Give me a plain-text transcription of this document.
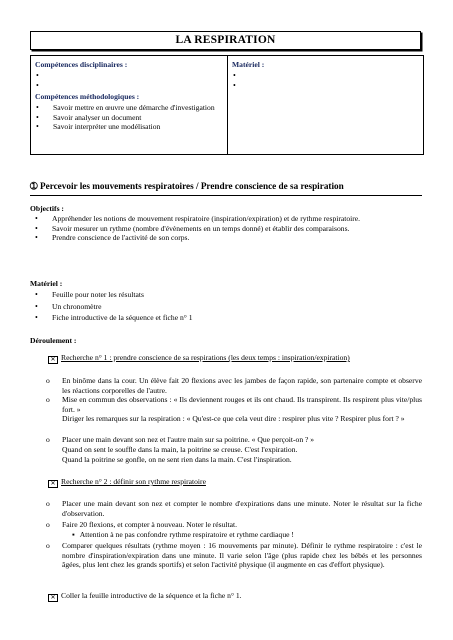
LA RESPIRATION
Compétences disciplinaires :
•

•

Compétences méthodologiques :
• Savoir mettre en œuvre une démarche d'investigation
• Savoir analyser un document
• Savoir interpréter une modélisation
Matériel :
•

•

➀ Percevoir les mouvements respiratoires / Prendre conscience de sa respiration
Objectifs :
• Appréhender les notions de mouvement respiratoire (inspiration/expiration) et de rythme respiratoire.
• Savoir mesurer un rythme (nombre d'évènements en un temps donné) et établir des comparaisons.
• Prendre conscience de l'activité de son corps.
Matériel :
• Feuille pour noter les résultats
• Un chronomètre
• Fiche introductive de la séquence et fiche n° 1
Déroulement :
✕ Recherche n° 1 : prendre conscience de sa respirations (les deux temps : inspiration/expiration)
o En binôme dans la cour. Un élève fait 20 flexions avec les jambes de façon rapide, son partenaire compte et observe les réactions corporelles de l'autre.
o Mise en commun des observations : « Ils deviennent rouges et ils ont chaud. Ils transpirent. Ils respirent plus vite/plus fort. »
Diriger les remarques sur la respiration : « Qu'est-ce que cela veut dire : respirer plus vite ? Respirer plus fort ? »
o Placer une main devant son nez et l'autre main sur sa poitrine. « Que perçoit-on ? »
Quand on sent le souffle dans la main, la poitrine se creuse. C'est l'expiration.
Quand la poitrine se gonfle, on ne sent rien dans la main. C'est l'inspiration.
✕ Recherche n° 2 : définir son rythme respiratoire
o Placer une main devant son nez et compter le nombre d'expirations dans une minute. Noter le résultat sur la fiche d'observation.
o Faire 20 flexions, et compter à nouveau. Noter le résultat.
▪ Attention à ne pas confondre rythme respiratoire et rythme cardiaque !
o Comparer quelques résultats (rythme moyen : 16 mouvements par minute). Définir le rythme respiratoire : c'est le nombre d'inspiration/expiration dans une minute. Il varie selon l'âge (plus rapide chez les bébés et les personnes âgées, plus lent chez les grands sportifs) et selon l'activité physique (il augmente en cas d'effort physique).
✕ Coller la feuille introductive de la séquence et la fiche n° 1.
